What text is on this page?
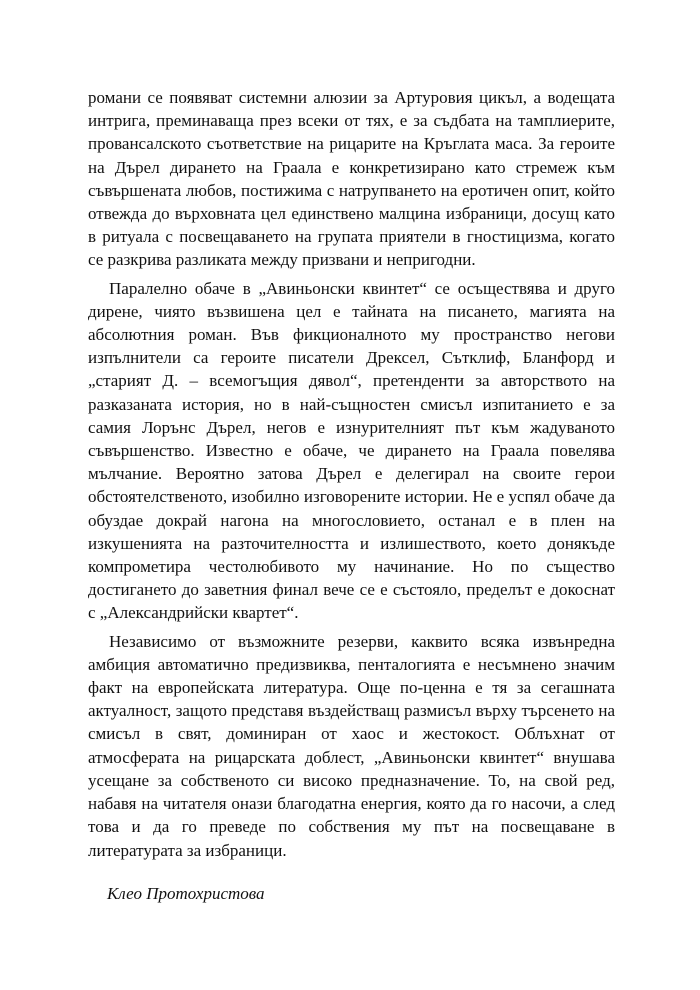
романи се появяват системни алюзии за Артуровия цикъл, а водещата интрига, преминаваща през всеки от тях, е за съдбата на тамплиерите, провансалското съответствие на рицарите на Кръглата маса. За героите на Дърел дирането на Граала е конкретизирано като стремеж към съвършената любов, постижима с натрупването на еротичен опит, който отвежда до върховната цел единствено малцина избраници, досущ като в ритуала с посвещаването на групата приятели в гностицизма, когато се разкрива разликата между призвани и непригодни.

Паралелно обаче в „Авиньонски квинтет“ се осъществява и друго дирене, чиято възвишена цел е тайната на писането, магията на абсолютния роман. Във фикционалното му пространство негови изпълнители са героите писатели Дрексел, Сътклиф, Бланфорд и „старият Д. – всемогъщия дявол“, претенденти за авторството на разказаната история, но в най-същностен смисъл изпитанието е за самия Лорънс Дърел, негов е изнурителният път към жадуваното съвършенство. Известно е обаче, че дирането на Граала повелява мълчание. Вероятно затова Дърел е делегирал на своите герои обстоятелственото, изобилно изговорените истории. Не е успял обаче да обуздае докрай нагона на многословието, останал е в плен на изкушенията на разточителността и излишеството, което донякъде компрометира честолюбивото му начинание. Но по същество достигането до заветния финал вече се е състояло, пределът е докоснат с „Александрийски квартет“.

Независимо от възможните резерви, каквито всяка извънредна амбиция автоматично предизвиква, пенталогията е несъмнено значим факт на европейската литература. Още по-ценна е тя за сегашната актуалност, защото представя въздействащ размисъл върху търсенето на смисъл в свят, доминиран от хаос и жестокост. Облъхнат от атмосферата на рицарската доблест, „Авиньонски квинтет“ внушава усещане за собственото си високо предназначение. То, на свой ред, набавя на читателя онази благодатна енергия, която да го насочи, а след това и да го преведе по собствения му път на посвещаване в литературата за избраници.

Клео Протохристова
